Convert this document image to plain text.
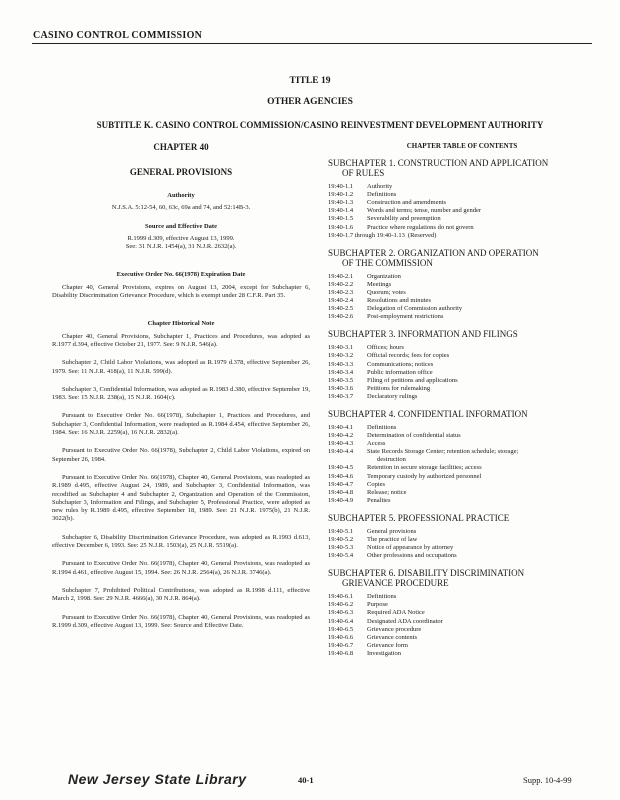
CASINO CONTROL COMMISSION
TITLE 19
OTHER AGENCIES
SUBTITLE K. CASINO CONTROL COMMISSION/CASINO REINVESTMENT DEVELOPMENT AUTHORITY
CHAPTER 40
GENERAL PROVISIONS
Authority

N.J.S.A. 5:12-54, 60, 63c, 69a and 74, and 52:14B-3.

Source and Effective Date

R.1999 d.309, effective August 13, 1999.

See: 31 N.J.R. 1454(a), 31 N.J.R. 2632(a).

Executive Order No. 66(1978) Expiration Date

Chapter 40, General Provisions, expires on August 13, 2004, except for Subchapter 6, Disability Discrimination Grievance Procedure, which is exempt under 28 C.F.R. Part 35.

Chapter Historical Note

Chapter 40, General Provisions, Subchapter 1, Practices and Procedures, was adopted as R.1977 d.394, effective October 21, 1977. See: 9 N.J.R. 546(a).

Subchapter 2, Child Labor Violations, was adopted as R.1979 d.378, effective September 26, 1979. See: 11 N.J.R. 418(a), 11 N.J.R. 599(d).

Subchapter 3, Confidential Information, was adopted as R.1983 d.380, effective September 19, 1983. See: 15 N.J.R. 238(a), 15 N.J.R. 1604(c).

Pursuant to Executive Order No. 66(1978), Subchapter 1, Practices and Procedures, and Subchapter 3, Confidential Information, were readopted as R.1984 d.454, effective September 26, 1984. See: 16 N.J.R. 2259(a), 16 N.J.R. 2832(a).

Pursuant to Executive Order No. 66(1978), Subchapter 2, Child Labor Violations, expired on September 26, 1984.

Pursuant to Executive Order No. 66(1978), Chapter 40, General Provisions, was readopted as R.1989 d.495, effective August 24, 1989, and Subchapter 3, Confidential Information, was recodified as Subchapter 4 and Subchapter 2, Organization and Operation of the Commission, Subchapter 3, Information and Filings, and Subchapter 5, Professional Practice, were adopted as new rules by R.1989 d.495, effective September 18, 1989. See: 21 N.J.R. 1975(b), 21 N.J.R. 3022(b).

Subchapter 6, Disability Discrimination Grievance Procedure, was adopted as R.1993 d.613, effective December 6, 1993. See: 25 N.J.R. 1503(a), 25 N.J.R. 5519(a).

Pursuant to Executive Order No. 66(1978), Chapter 40, General Provisions, was readopted as R.1994 d.461, effective August 15, 1994. See: 26 N.J.R. 2564(a), 26 N.J.R. 3746(a).

Subchapter 7, Prohibited Political Contributions, was adopted as R.1998 d.111, effective March 2, 1998. See: 29 N.J.R. 4666(a), 30 N.J.R. 864(a).

Pursuant to Executive Order No. 66(1978), Chapter 40, General Provisions, was readopted as R.1999 d.309, effective August 13, 1999. See: Source and Effective Date.

CHAPTER TABLE OF CONTENTS
SUBCHAPTER 1. CONSTRUCTION AND APPLICATION
OF RULES
19:40-1.1	Authority
19:40-1.2	Definitions
19:40-1.3	Construction and amendments
19:40-1.4	Words and terms; tense, number and gender
19:40-1.5	Severability and preemption
19:40-1.6	Practice where regulations do not govern
19:40-1.7 through 19:40-1.13 (Reserved)
SUBCHAPTER 2. ORGANIZATION AND OPERATION
OF THE COMMISSION
19:40-2.1	Organization
19:40-2.2	Meetings
19:40-2.3	Quorum; votes
19:40-2.4	Resolutions and minutes
19:40-2.5	Delegation of Commission authority
19:40-2.6	Post-employment restrictions
SUBCHAPTER 3. INFORMATION AND FILINGS
19:40-3.1	Offices; hours
19:40-3.2	Official records; fees for copies
19:40-3.3	Communications; notices
19:40-3.4	Public information office
19:40-3.5	Filing of petitions and applications
19:40-3.6	Petitions for rulemaking
19:40-3.7	Declaratory rulings
SUBCHAPTER 4. CONFIDENTIAL INFORMATION
19:40-4.1	Definitions
19:40-4.2	Determination of confidential status
19:40-4.3	Access
19:40-4.4	State Records Storage Center; retention schedule; storage;
destruction
19:40-4.5	Retention in secure storage facilities; access
19:40-4.6	Temporary custody by authorized personnel
19:40-4.7	Copies
19:40-4.8	Release; notice
19:40-4.9	Penalties
SUBCHAPTER 5. PROFESSIONAL PRACTICE
19:40-5.1	General provisions
19:40-5.2	The practice of law
19:40-5.3	Notice of appearance by attorney
19:40-5.4	Other professions and occupations
SUBCHAPTER 6. DISABILITY DISCRIMINATION
GRIEVANCE PROCEDURE
19:40-6.1	Definitions
19:40-6.2	Purpose
19:40-6.3	Required ADA Notice
19:40-6.4	Designated ADA coordinator
19:40-6.5	Grievance procedure
19:40-6.6	Grievance contents
19:40-6.7	Grievance form
19:40-6.8	Investigation
New Jersey State Library	40-1	Supp. 10-4-99
